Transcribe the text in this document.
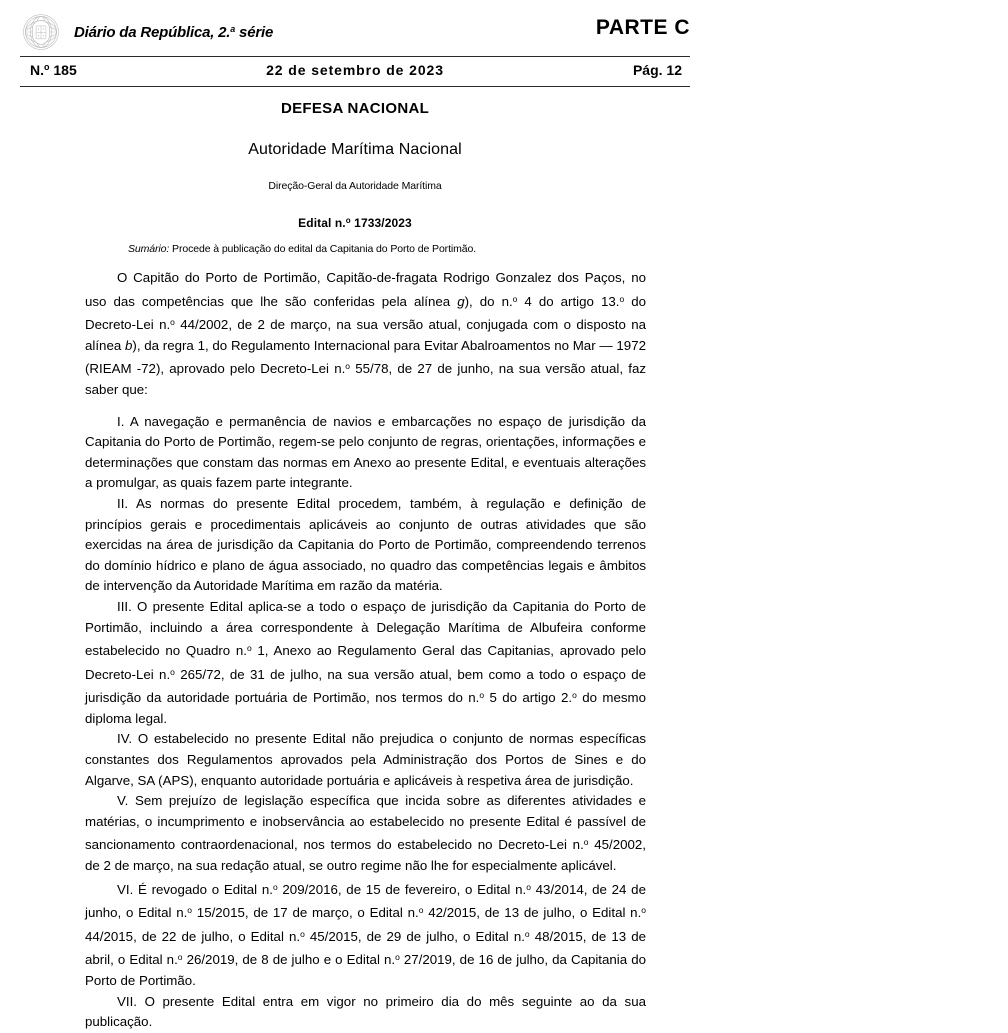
Diário da República, 2.$^a$ série	PARTE C
N.$^o$ 185	22 de setembro de 2023	Pág. 12
DEFESA NACIONAL
Autoridade Marítima Nacional
Direção-Geral da Autoridade Marítima
Edital n.$^o$ 1733/2023
Sumário: Procede à publicação do edital da Capitania do Porto de Portimão.

O Capitão do Porto de Portimão, Capitão-de-fragata Rodrigo Gonzalez dos Paços, no uso das competências que lhe são conferidas pela alínea g), do n.$^o$ 4 do artigo 13.$^o$ do Decreto-Lei n.$^o$ 44/2002, de 2 de março, na sua versão atual, conjugada com o disposto na alínea b), da regra 1, do Regulamento Internacional para Evitar Abalroamentos no Mar — 1972 (RIEAM -72), aprovado pelo Decreto-Lei n.$^o$ 55/78, de 27 de junho, na sua versão atual, faz saber que:

I. A navegação e permanência de navios e embarcações no espaço de jurisdição da Capitania do Porto de Portimão, regem-se pelo conjunto de regras, orientações, informações e determinações que constam das normas em Anexo ao presente Edital, e eventuais alterações a promulgar, as quais fazem parte integrante.

II. As normas do presente Edital procedem, também, à regulação e definição de princípios gerais e procedimentais aplicáveis ao conjunto de outras atividades que são exercidas na área de jurisdição da Capitania do Porto de Portimão, compreendendo terrenos do domínio hídrico e plano de água associado, no quadro das competências legais e âmbitos de intervenção da Autoridade Marítima em razão da matéria.

III. O presente Edital aplica-se a todo o espaço de jurisdição da Capitania do Porto de Portimão, incluindo a área correspondente à Delegação Marítima de Albufeira conforme estabelecido no Quadro n.$^o$ 1, Anexo ao Regulamento Geral das Capitanias, aprovado pelo Decreto-Lei n.$^o$ 265/72, de 31 de julho, na sua versão atual, bem como a todo o espaço de jurisdição da autoridade portuária de Portimão, nos termos do n.$^o$ 5 do artigo 2.$^o$ do mesmo diploma legal.

IV. O estabelecido no presente Edital não prejudica o conjunto de normas específicas constantes dos Regulamentos aprovados pela Administração dos Portos de Sines e do Algarve, SA (APS), enquanto autoridade portuária e aplicáveis à respetiva área de jurisdição.

V. Sem prejuízo de legislação específica que incida sobre as diferentes atividades e matérias, o incumprimento e inobservância ao estabelecido no presente Edital é passível de sancionamento contraordenacional, nos termos do estabelecido no Decreto-Lei n.$^o$ 45/2002, de 2 de março, na sua redação atual, se outro regime não lhe for especialmente aplicável.

VI. É revogado o Edital n.$^o$ 209/2016, de 15 de fevereiro, o Edital n.$^o$ 43/2014, de 24 de junho, o Edital n.$^o$ 15/2015, de 17 de março, o Edital n.$^o$ 42/2015, de 13 de julho, o Edital n.$^o$ 44/2015, de 22 de julho, o Edital n.$^o$ 45/2015, de 29 de julho, o Edital n.$^o$ 48/2015, de 13 de abril, o Edital n.$^o$ 26/2019, de 8 de julho e o Edital n.$^o$ 27/2019, de 16 de julho, da Capitania do Porto de Portimão.

VII. O presente Edital entra em vigor no primeiro dia do mês seguinte ao da sua publicação.
